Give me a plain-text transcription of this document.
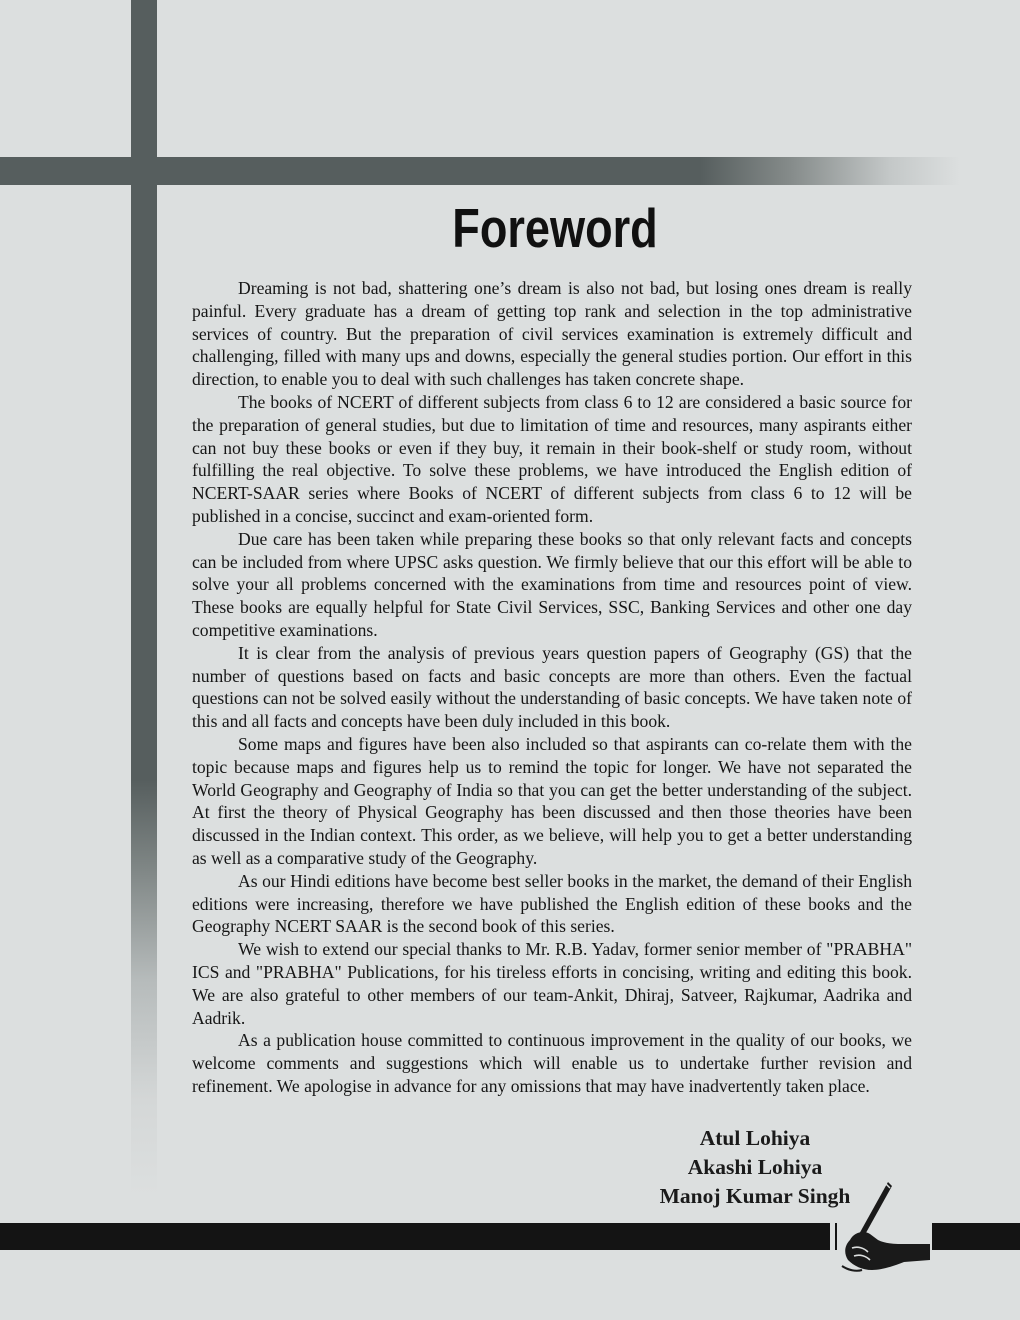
Foreword

Dreaming is not bad, shattering one’s dream is also not bad, but losing ones dream is really painful. Every graduate has a dream of getting top rank and selection in the top administrative services of country. But the preparation of civil services examination is extremely difficult and challenging, filled with many ups and downs, especially the general studies portion. Our effort in this direction, to enable you to deal with such challenges has taken concrete shape.

The books of NCERT of different subjects from class 6 to 12 are considered a basic source for the preparation of general studies, but due to limitation of time and resources, many aspirants either can not buy these books or even if they buy, it remain in their book-shelf or study room, without fulfilling the real objective. To solve these problems, we have introduced the English edition of NCERT-SAAR series where Books of NCERT of different subjects from class 6 to 12 will be published in a concise, succinct and exam-oriented form.

Due care has been taken while preparing these books so that only relevant facts and concepts can be included from where UPSC asks question. We firmly believe that our this effort will be able to solve your all problems concerned with the examinations from time and resources point of view. These books are equally helpful for State Civil Services, SSC, Banking Services and other one day competitive examinations.

It is clear from the analysis of previous years question papers of Geography (GS) that the number of questions based on facts and basic concepts are more than others. Even the factual questions can not be solved easily without the understanding of basic concepts. We have taken note of this and all facts and concepts have been duly included in this book.

Some maps and figures have been also included so that aspirants can co-relate them with the topic because maps and figures help us to remind the topic for longer. We have not separated the World Geography and Geography of India so that you can get the better understanding of the subject. At first the theory of Physical Geography has been discussed and then those theories have been discussed in the Indian context. This order, as we believe, will help you to get a better understanding as well as a comparative study of the Geography.

As our Hindi editions have become best seller books in the market, the demand of their English editions were increasing, therefore we have published the English edition of these books and the Geography NCERT SAAR is the second book of this series.

We wish to extend our special thanks to Mr. R.B. Yadav, former senior member of "PRABHA" ICS and "PRABHA" Publications, for his tireless efforts in concising, writing and editing this book. We are also grateful to other members of our team-Ankit, Dhiraj, Satveer, Rajkumar, Aadrika and Aadrik.

As a publication house committed to continuous improvement in the quality of our books, we welcome comments and suggestions which will enable us to undertake further revision and refinement. We apologise in advance for any omissions that may have inadvertently taken place.

Atul Lohiya
Akashi Lohiya
Manoj Kumar Singh
